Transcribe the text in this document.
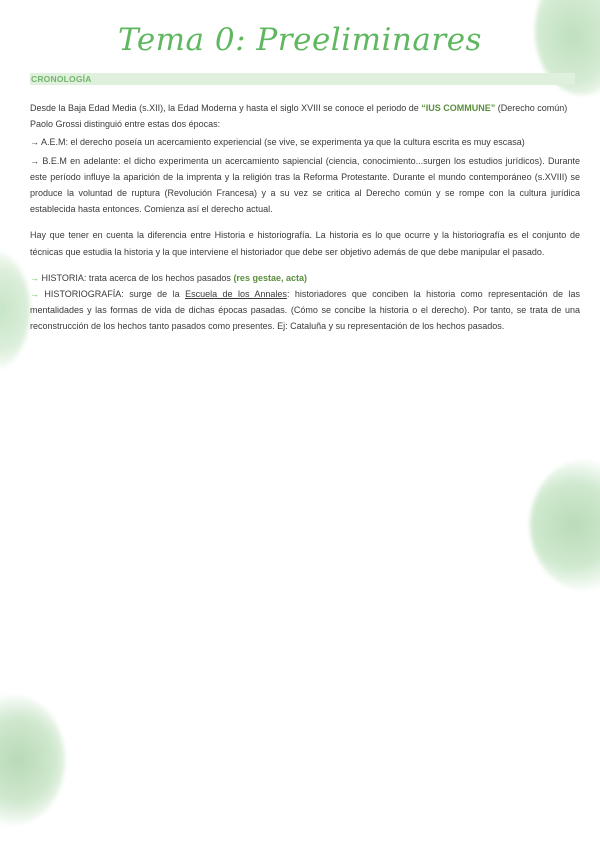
Tema 0: Preeliminares
CRONOLOGÍA

Desde la Baja Edad Media (s.XII), la Edad Moderna y hasta el siglo XVIII se conoce el periodo de “IUS COMMUNE” (Derecho común)

Paolo Grossi distinguió entre estas dos épocas:

→ A.E.M: el derecho poseía un acercamiento experiencial (se vive, se experimenta ya que la cultura escrita es muy escasa)

→ B.E.M en adelante: el dicho experimenta un acercamiento sapiencial (ciencia, conocimiento...surgen los estudios jurídicos). Durante este período influye la aparición de la imprenta y la religión tras la Reforma Protestante. Durante el mundo contemporáneo (s.XVIII) se produce la voluntad de ruptura (Revolución Francesa) y a su vez se critica al Derecho común y se rompe con la cultura jurídica establecida hasta entonces. Comienza así el derecho actual.

Hay que tener en cuenta la diferencia entre Historia e historiografía. La historia es lo que ocurre y la historiografía es el conjunto de técnicas que estudia la historia y la que interviene el historiador que debe ser objetivo además de que debe manipular el pasado.

→ HISTORIA: trata acerca de los hechos pasados (res gestae, acta)

→ HISTORIOGRAFÍA: surge de la Escuela de los Annales: historiadores que conciben la historia como representación de las mentalidades y las formas de vida de dichas épocas pasadas. (Cómo se concibe la historia o el derecho). Por tanto, se trata de una reconstrucción de los hechos tanto pasados como presentes. Ej: Cataluña y su representación de los hechos pasados.
